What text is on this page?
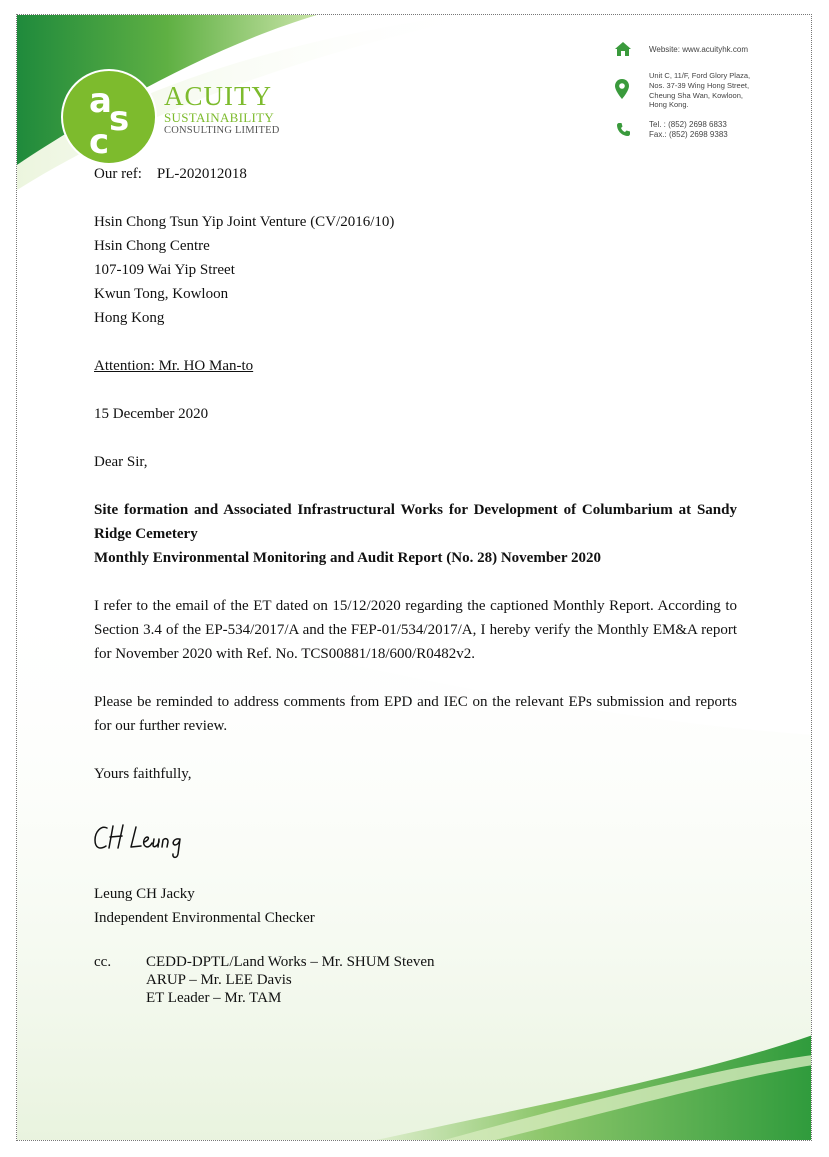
a
s
c
ACUITY
SUSTAINABILITY
CONSULTING LIMITED
Website: www.acuityhk.com
Unit C, 11/F, Ford Glory Plaza,
Nos. 37-39 Wing Hong Street,
Cheung Sha Wan, Kowloon,
Hong Kong.
Tel. : (852) 2698 6833
Fax.: (852) 2698 9383
Our ref: PL-202012018
Hsin Chong Tsun Yip Joint Venture (CV/2016/10)
Hsin Chong Centre
107-109 Wai Yip Street
Kwun Tong, Kowloon
Hong Kong
Attention: Mr. HO Man-to
15 December 2020
Dear Sir,
Site formation and Associated Infrastructural Works for Development of Columbarium at Sandy Ridge Cemetery
Monthly Environmental Monitoring and Audit Report (No. 28) November 2020
I refer to the email of the ET dated on 15/12/2020 regarding the captioned Monthly Report. According to Section 3.4 of the EP-534/2017/A and the FEP-01/534/2017/A, I hereby verify the Monthly EM&A report for November 2020 with Ref. No. TCS00881/18/600/R0482v2.
Please be reminded to address comments from EPD and IEC on the relevant EPs submission and reports for our further review.
Yours faithfully,
Leung CH Jacky
Independent Environmental Checker
cc. CEDD-DPTL/Land Works – Mr. SHUM Steven
ARUP – Mr. LEE Davis
ET Leader – Mr. TAM
